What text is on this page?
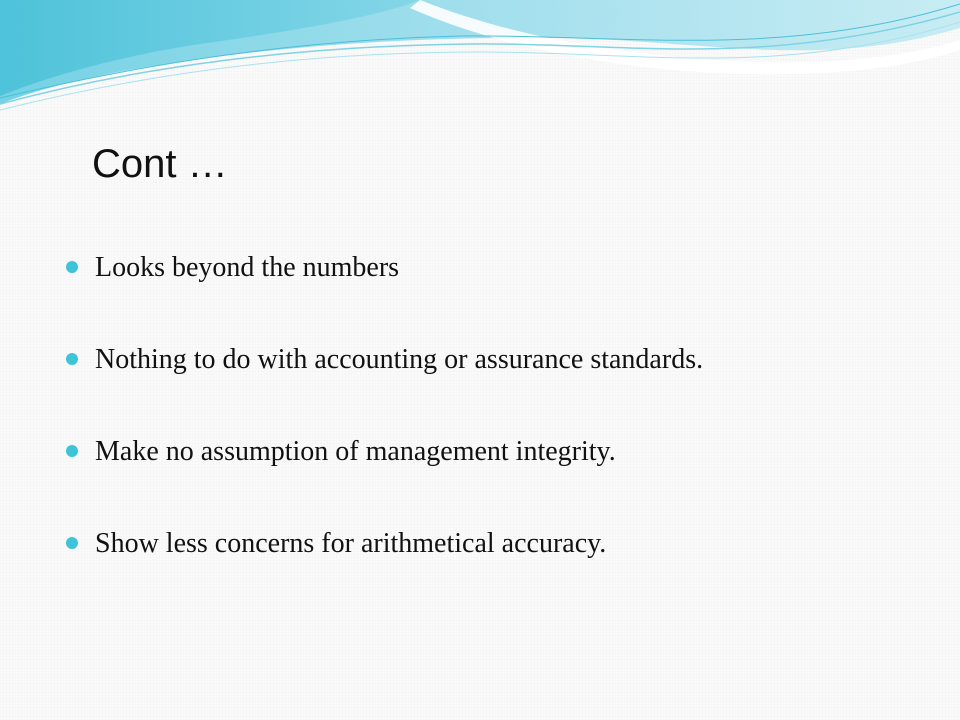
Cont …
Looks beyond the numbers
Nothing to do with accounting or assurance standards.
Make no assumption of management integrity.
Show less concerns for arithmetical accuracy.
